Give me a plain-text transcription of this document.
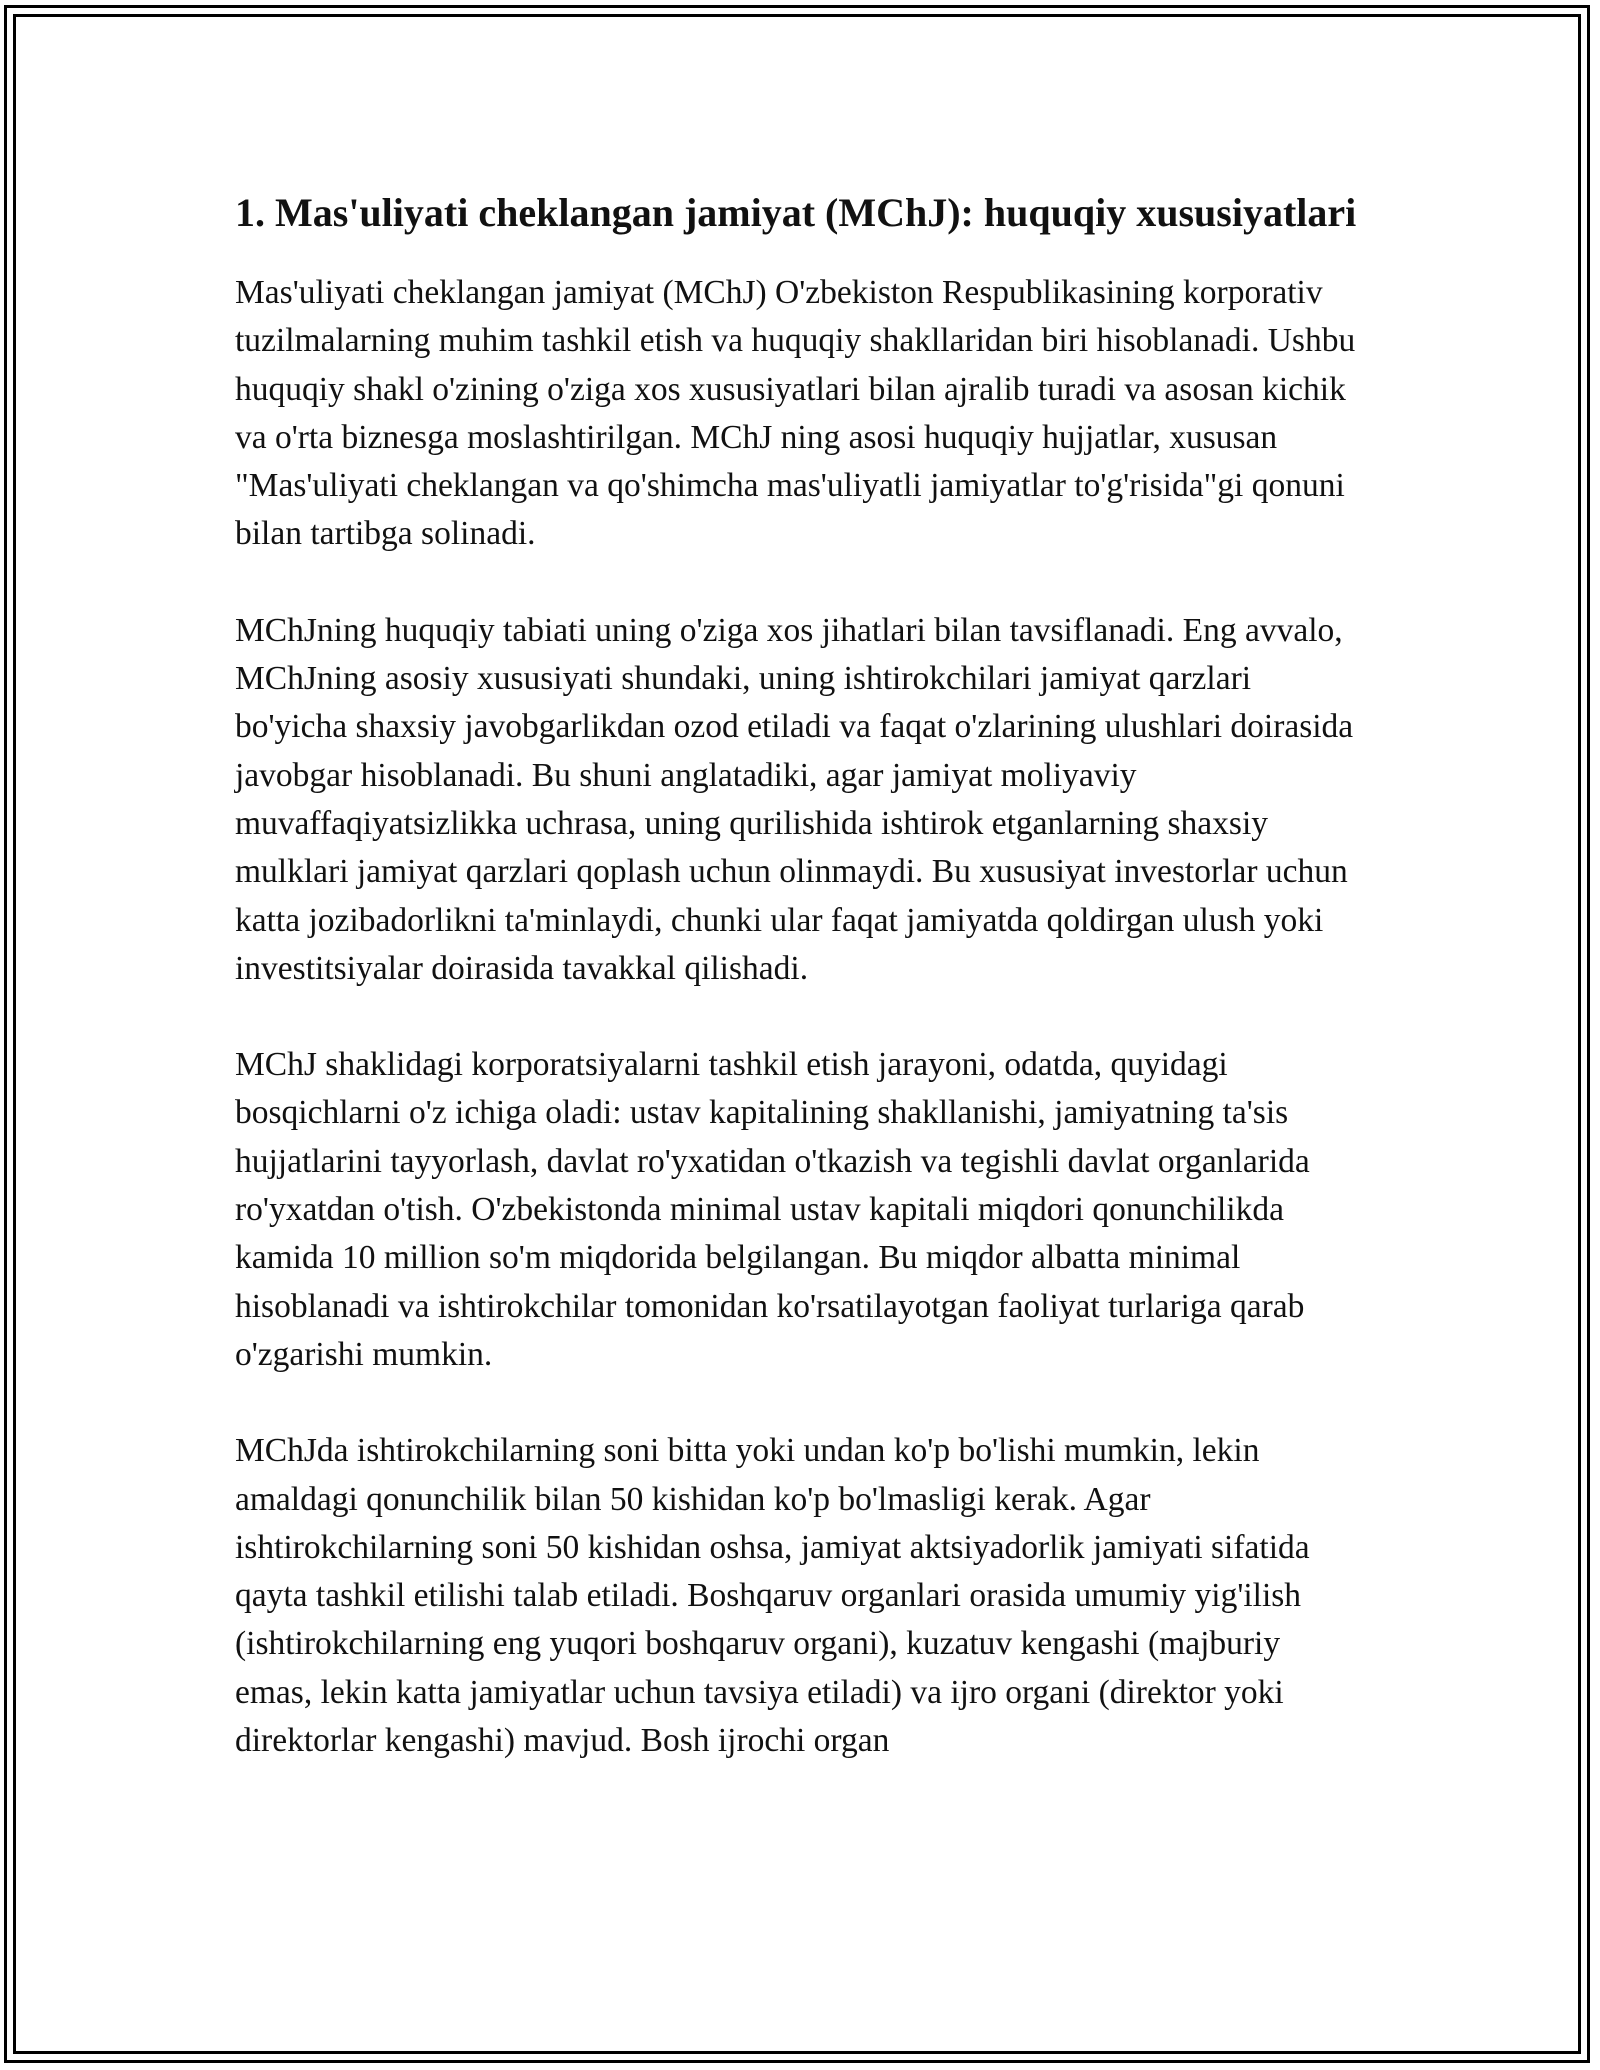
1. Mas'uliyati cheklangan jamiyat (MChJ): huquqiy xususiyatlari

Mas'uliyati cheklangan jamiyat (MChJ) O'zbekiston Respublikasining korporativ tuzilmalarning muhim tashkil etish va huquqiy shakllaridan biri hisoblanadi. Ushbu huquqiy shakl o'zining o'ziga xos xususiyatlari bilan ajralib turadi va asosan kichik va o'rta biznesga moslashtirilgan. MChJ ning asosi huquqiy hujjatlar, xususan "Mas'uliyati cheklangan va qo'shimcha mas'uliyatli jamiyatlar to'g'risida"gi qonuni bilan tartibga solinadi.

MChJning huquqiy tabiati uning o'ziga xos jihatlari bilan tavsiflanadi. Eng avvalo, MChJning asosiy xususiyati shundaki, uning ishtirokchilari jamiyat qarzlari bo'yicha shaxsiy javobgarlikdan ozod etiladi va faqat o'zlarining ulushlari doirasida javobgar hisoblanadi. Bu shuni anglatadiki, agar jamiyat moliyaviy muvaffaqiyatsizlikka uchrasa, uning qurilishida ishtirok etganlarning shaxsiy mulklari jamiyat qarzlari qoplash uchun olinmaydi. Bu xususiyat investorlar uchun katta jozibadorlikni ta'minlaydi, chunki ular faqat jamiyatda qoldirgan ulush yoki investitsiyalar doirasida tavakkal qilishadi.

MChJ shaklidagi korporatsiyalarni tashkil etish jarayoni, odatda, quyidagi bosqichlarni o'z ichiga oladi: ustav kapitalining shakllanishi, jamiyatning ta'sis hujjatlarini tayyorlash, davlat ro'yxatidan o'tkazish va tegishli davlat organlarida ro'yxatdan o'tish. O'zbekistonda minimal ustav kapitali miqdori qonunchilikda kamida 10 million so'm miqdorida belgilangan. Bu miqdor albatta minimal hisoblanadi va ishtirokchilar tomonidan ko'rsatilayotgan faoliyat turlariga qarab o'zgarishi mumkin.

MChJda ishtirokchilarning soni bitta yoki undan ko'p bo'lishi mumkin, lekin amaldagi qonunchilik bilan 50 kishidan ko'p bo'lmasligi kerak. Agar ishtirokchilarning soni 50 kishidan oshsa, jamiyat aktsiyadorlik jamiyati sifatida qayta tashkil etilishi talab etiladi. Boshqaruv organlari orasida umumiy yig'ilish (ishtirokchilarning eng yuqori boshqaruv organi), kuzatuv kengashi (majburiy emas, lekin katta jamiyatlar uchun tavsiya etiladi) va ijro organi (direktor yoki direktorlar kengashi) mavjud. Bosh ijrochi organ
